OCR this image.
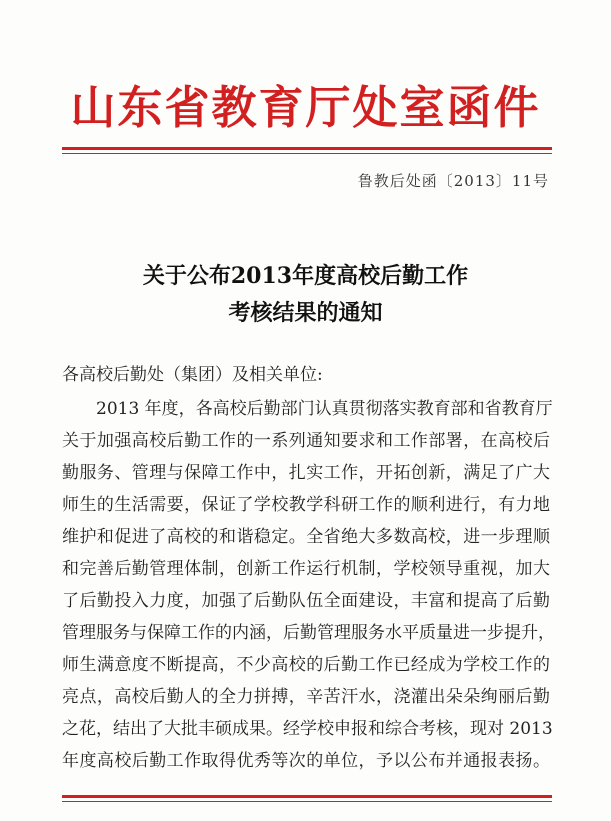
山东省教育厅处室函件
鲁教后处函〔2013〕11号
关于公布2013年度高校后勤工作
考核结果的通知
各高校后勤处（集团）及相关单位:
2013 年度，各高校后勤部门认真贯彻落实教育部和省教育厅
关于加强高校后勤工作的一系列通知要求和工作部署，在高校后
勤服务、管理与保障工作中，扎实工作，开拓创新，满足了广大
师生的生活需要，保证了学校教学科研工作的顺利进行，有力地
维护和促进了高校的和谐稳定。全省绝大多数高校，进一步理顺
和完善后勤管理体制，创新工作运行机制，学校领导重视，加大
了后勤投入力度，加强了后勤队伍全面建设，丰富和提高了后勤
管理服务与保障工作的内涵，后勤管理服务水平质量进一步提升，
师生满意度不断提高，不少高校的后勤工作已经成为学校工作的
亮点，高校后勤人的全力拼搏，辛苦汗水，浇灌出朵朵绚丽后勤
之花，结出了大批丰硕成果。经学校申报和综合考核，现对 2013
年度高校后勤工作取得优秀等次的单位，予以公布并通报表扬。
